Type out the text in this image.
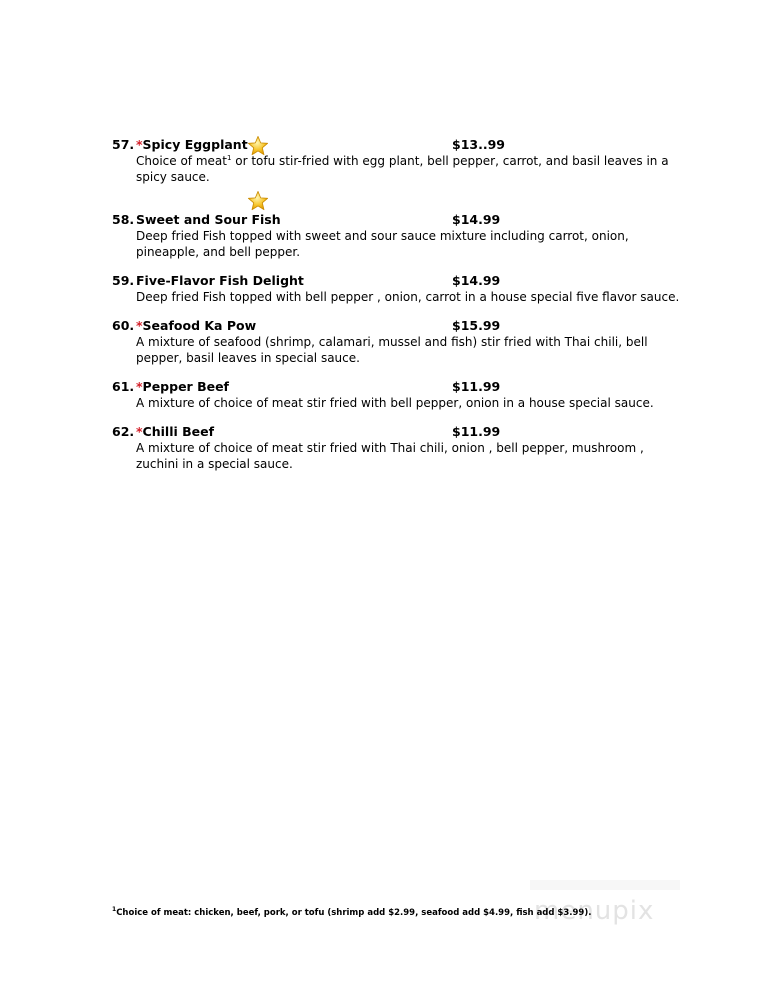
57. *Spicy Eggplant	$13..99
Choice of meat$^1$ or tofu stir-fried with egg plant, bell pepper, carrot, and basil leaves in a spicy sauce.
58. Sweet and Sour Fish	$14.99
Deep fried Fish topped with sweet and sour sauce mixture including carrot, onion, pineapple, and bell pepper.
59. Five-Flavor Fish Delight	$14.99
Deep fried Fish topped with bell pepper , onion, carrot in a house special five flavor sauce.
60. *Seafood Ka Pow	$15.99
A mixture of seafood (shrimp, calamari, mussel and fish) stir fried with Thai chili, bell pepper, basil leaves in special sauce.
61. *Pepper Beef	$11.99
A mixture of choice of meat stir fried with bell pepper, onion in a house special sauce.
62. *Chilli Beef	$11.99
A mixture of choice of meat stir fried with Thai chili, onion , bell pepper, mushroom , zuchini in a special sauce.
menupix
$^1$Choice of meat: chicken, beef, pork, or tofu (shrimp add $2.99, seafood add $4.99, fish add $3.99).
